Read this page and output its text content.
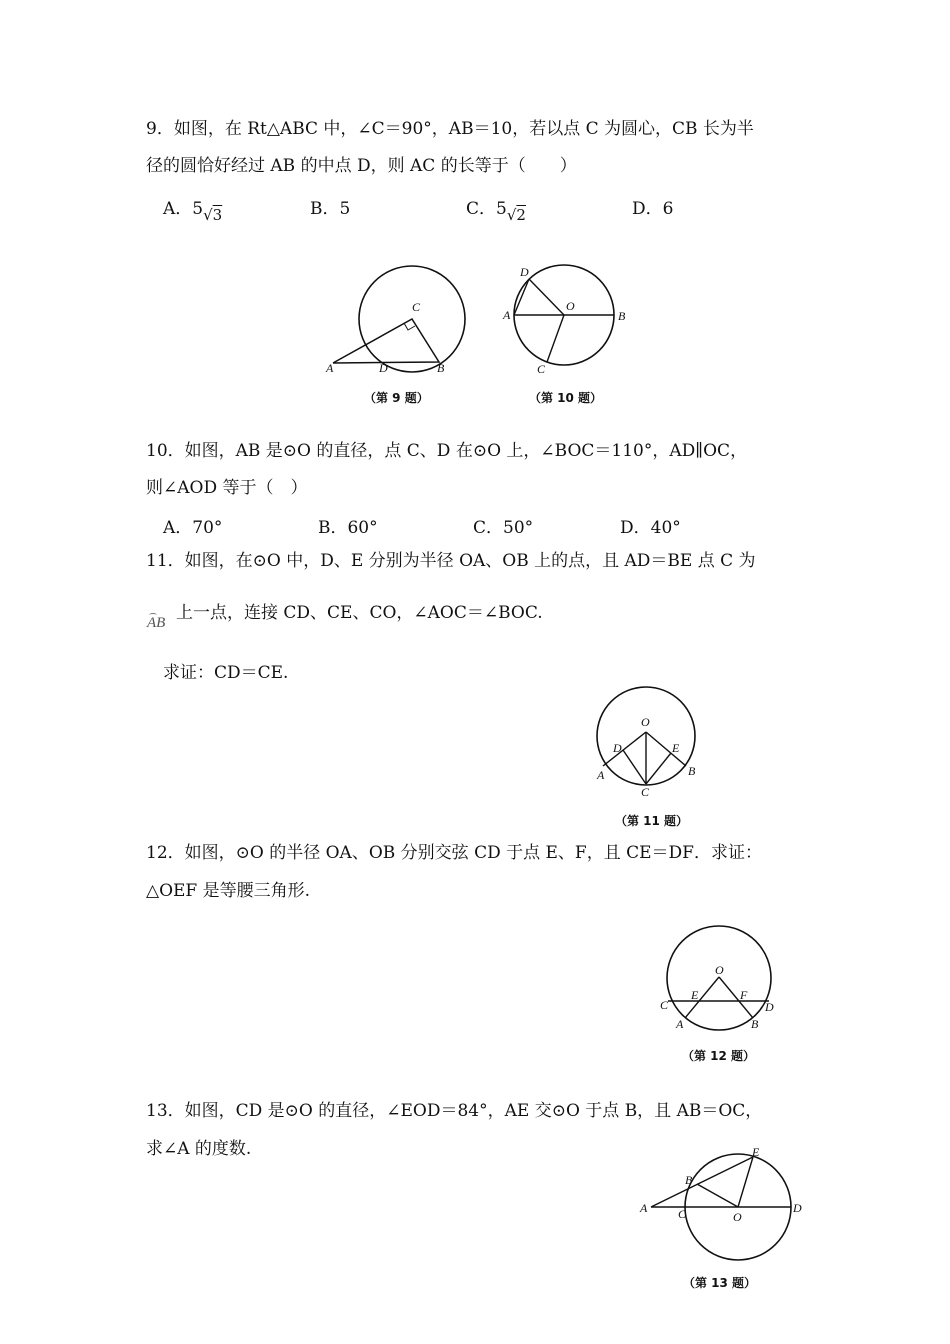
9．如图，在 Rt△ABC 中，∠C＝90°，AB＝10，若以点 C 为圆心，CB 长为半
径的圆恰好经过 AB 的中点 D，则 AC 的长等于（　　）
A．5√3	B．5	C．5√2	D．6
C
A	D	B
（第 9 题）
D
O
A	B
C
（第 10 题）
10．如图，AB 是⊙O 的直径，点 C、D 在⊙O 上，∠BOC＝110°，AD∥OC，
则∠AOD 等于（　）
A．70°	B．60°	C．50°	D．40°
11．如图，在⊙O 中，D、E 分别为半径 OA、OB 上的点，且 AD＝BE 点 C 为
AB 上一点，连接 CD、CE、CO，∠AOC＝∠BOC.
求证：CD＝CE.
O
D	E
A	B
C
（第 11 题）
12．如图，⊙O 的半径 OA、OB 分别交弦 CD 于点 E、F，且 CE＝DF．求证：
△OEF 是等腰三角形.
O
C
E	F
D
A	B
（第 12 题）
13．如图，CD 是⊙O 的直径，∠EOD＝84°，AE 交⊙O 于点 B，且 AB＝OC，
求∠A 的度数.
A
B
C	O
D
E
（第 13 题）
